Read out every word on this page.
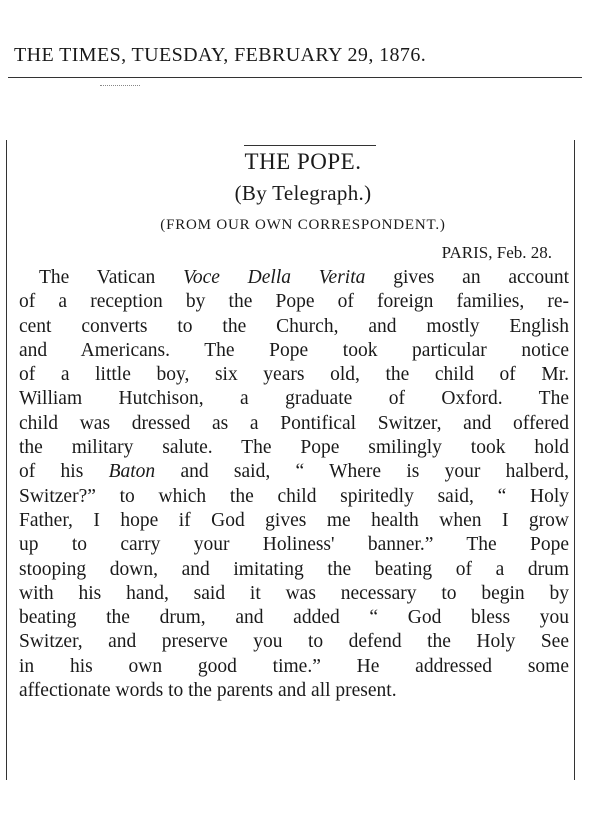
THE TIMES, TUESDAY, FEBRUARY 29, 1876.
THE POPE.
(By Telegraph.)
(FROM OUR OWN CORRESPONDENT.)
PARIS, Feb. 28.
The Vatican Voce Della Verita gives an account
of a reception by the Pope of foreign families, re-
cent converts to the Church, and mostly English
and Americans. The Pope took particular notice
of a little boy, six years old, the child of Mr.
William Hutchison, a graduate of Oxford. The
child was dressed as a Pontifical Switzer, and offered
the military salute. The Pope smilingly took hold
of his Baton and said, “ Where is your halberd,
Switzer?” to which the child spiritedly said, “ Holy
Father, I hope if God gives me health when I grow
up to carry your Holiness' banner.” The Pope
stooping down, and imitating the beating of a drum
with his hand, said it was necessary to begin by
beating the drum, and added “ God bless you
Switzer, and preserve you to defend the Holy See
in his own good time.” He addressed some
affectionate words to the parents and all present.
